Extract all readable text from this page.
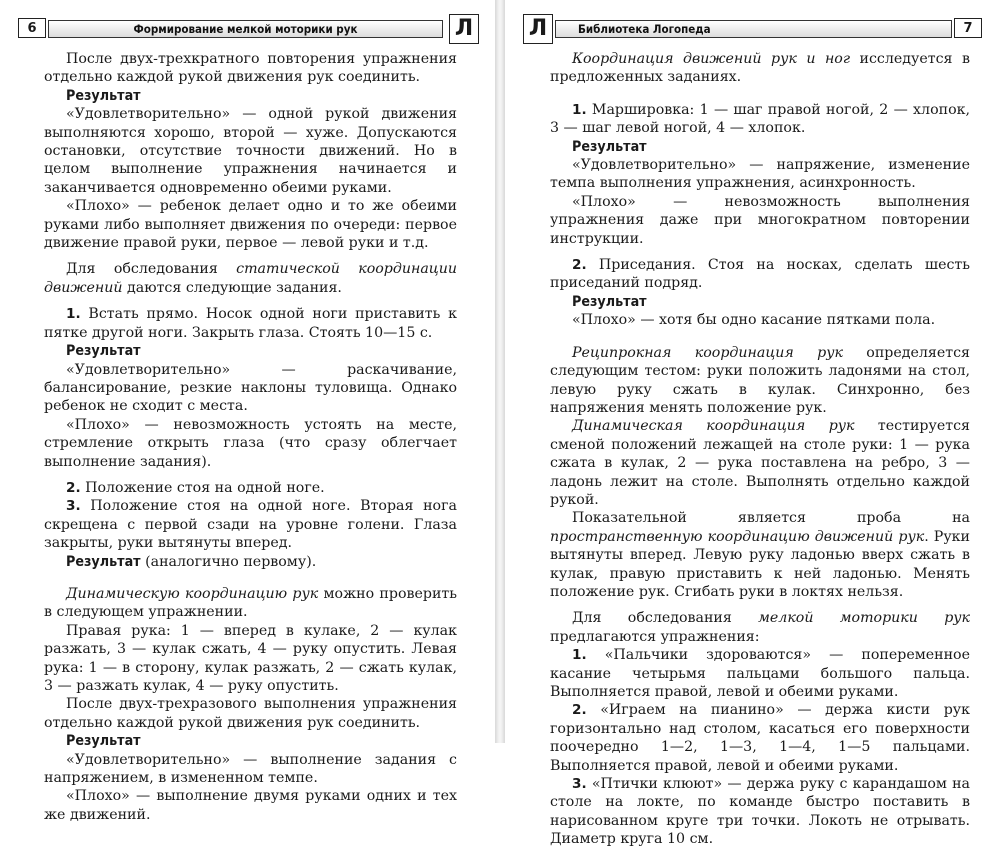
6	Формирование мелкой моторики рук	Л

После двух-трехкратного повторения упражнения отдельно каждой рукой движения рук соединить.

Результат

«Удовлетворительно» — одной рукой движения выполняются хорошо, второй — хуже. Допускаются остановки, отсутствие точности движений. Но в целом выполнение упражнения начинается и заканчивается одновременно обеими руками.

«Плохо» — ребенок делает одно и то же обеими руками либо выполняет движения по очереди: первое движение правой руки, первое — левой руки и т.д.

Для обследования статической координации движений даются следующие задания.

1. Встать прямо. Носок одной ноги приставить к пятке другой ноги. Закрыть глаза. Стоять 10—15 с.

Результат

«Удовлетворительно» — раскачивание, балансирование, резкие наклоны туловища. Однако ребенок не сходит с места.

«Плохо» — невозможность устоять на месте, стремление открыть глаза (что сразу облегчает выполнение задания).

2. Положение стоя на одной ноге.

3. Положение стоя на одной ноге. Вторая нога скрещена с первой сзади на уровне голени. Глаза закрыты, руки вытянуты вперед.

Результат (аналогично первому).

Динамическую координацию рук можно проверить в следующем упражнении.

Правая рука: 1 — вперед в кулаке, 2 — кулак разжать, 3 — кулак сжать, 4 — руку опустить. Левая рука: 1 — в сторону, кулак разжать, 2 — сжать кулак, 3 — разжать кулак, 4 — руку опустить.

После двух-трехразового выполнения упражнения отдельно каждой рукой движения рук соединить.

Результат

«Удовлетворительно» — выполнение задания с напряжением, в измененном темпе.

«Плохо» — выполнение двумя руками одних и тех же движений.

Л	Библиотека Логопеда	7

Координация движений рук и ног исследуется в предложенных заданиях.

1. Маршировка: 1 — шаг правой ногой, 2 — хлопок, 3 — шаг левой ногой, 4 — хлопок.

Результат

«Удовлетворительно» — напряжение, изменение темпа выполнения упражнения, асинхронность.

«Плохо» — невозможность выполнения упражнения даже при многократном повторении инструкции.

2. Приседания. Стоя на носках, сделать шесть приседаний подряд.

Результат

«Плохо» — хотя бы одно касание пятками пола.

Реципрокная координация рук определяется следующим тестом: руки положить ладонями на стол, левую руку сжать в кулак. Синхронно, без напряжения менять положение рук.

Динамическая координация рук тестируется сменой положений лежащей на столе руки: 1 — рука сжата в кулак, 2 — рука поставлена на ребро, 3 — ладонь лежит на столе. Выполнять отдельно каждой рукой.

Показательной является проба на пространственную координацию движений рук. Руки вытянуты вперед. Левую руку ладонью вверх сжать в кулак, правую приставить к ней ладонью. Менять положение рук. Сгибать руки в локтях нельзя.

Для обследования мелкой моторики рук предлагаются упражнения:

1. «Пальчики здороваются» — попеременное касание четырьмя пальцами большого пальца. Выполняется правой, левой и обеими руками.

2. «Играем на пианино» — держа кисти рук горизонтально над столом, касаться его поверхности поочередно 1—2, 1—3, 1—4, 1—5 пальцами. Выполняется правой, левой и обеими руками.

3. «Птички клюют» — держа руку с карандашом на столе на локте, по команде быстро поставить в нарисованном круге три точки. Локоть не отрывать. Диаметр круга 10 см.
